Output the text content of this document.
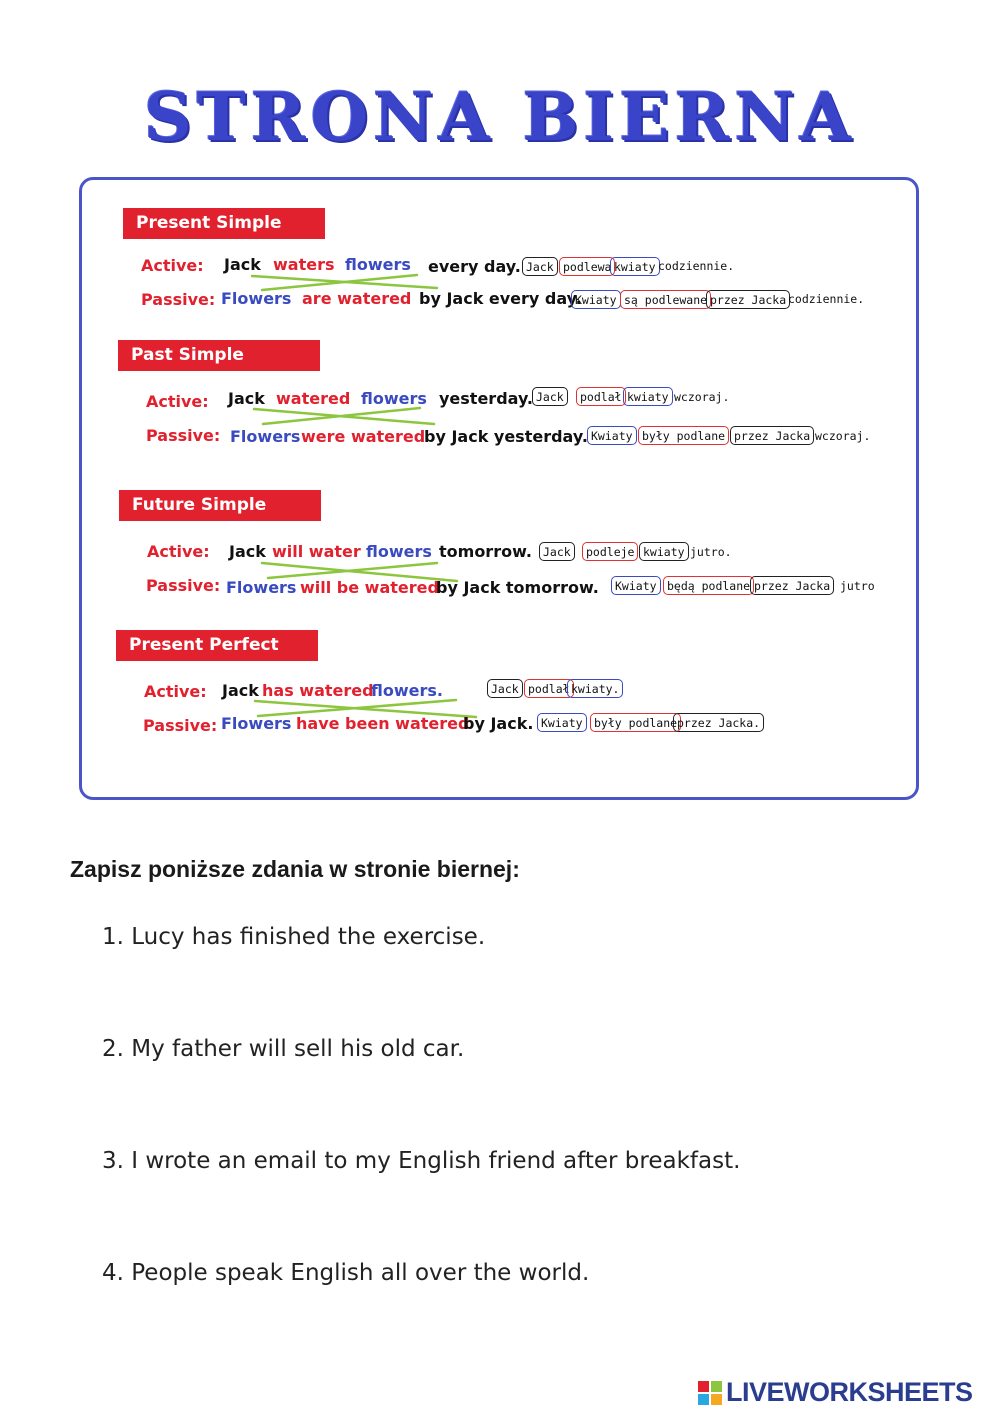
STRONA BIERNA
Present Simple
Active: Jack waters flowers every day. Jack podlewa kwiaty codziennie.
Passive: Flowers are watered by Jack every day.
Kwiaty są podlewane przez Jacka codziennie.
Past Simple
Active: Jack watered flowers yesterday. Jack	podlał kwiaty wczoraj.
Passive: Flowers were watered
by Jack yesterday. Kwiaty były podlane przez Jacka wczoraj.
Future Simple
Active: Jack will water flowers tomorrow. Jack	podleje kwiaty jutro.
Passive: Flowers will be watered
by Jack tomorrow.	Kwiaty będą podlane przez Jacka jutro
Present Perfect
Active: Jack has watered
flowers.	Jack podlał kwiaty.
Passive: Flowers have been watered
by Jack. Kwiaty były podlane przez Jacka.
Zapisz poniższe zdania w stronie biernej:
1. Lucy has finished the exercise.
2. My father will sell his old car.
3. I wrote an email to my English friend after breakfast.
4. People speak English all over the world.
LIVEWORKSHEETS
